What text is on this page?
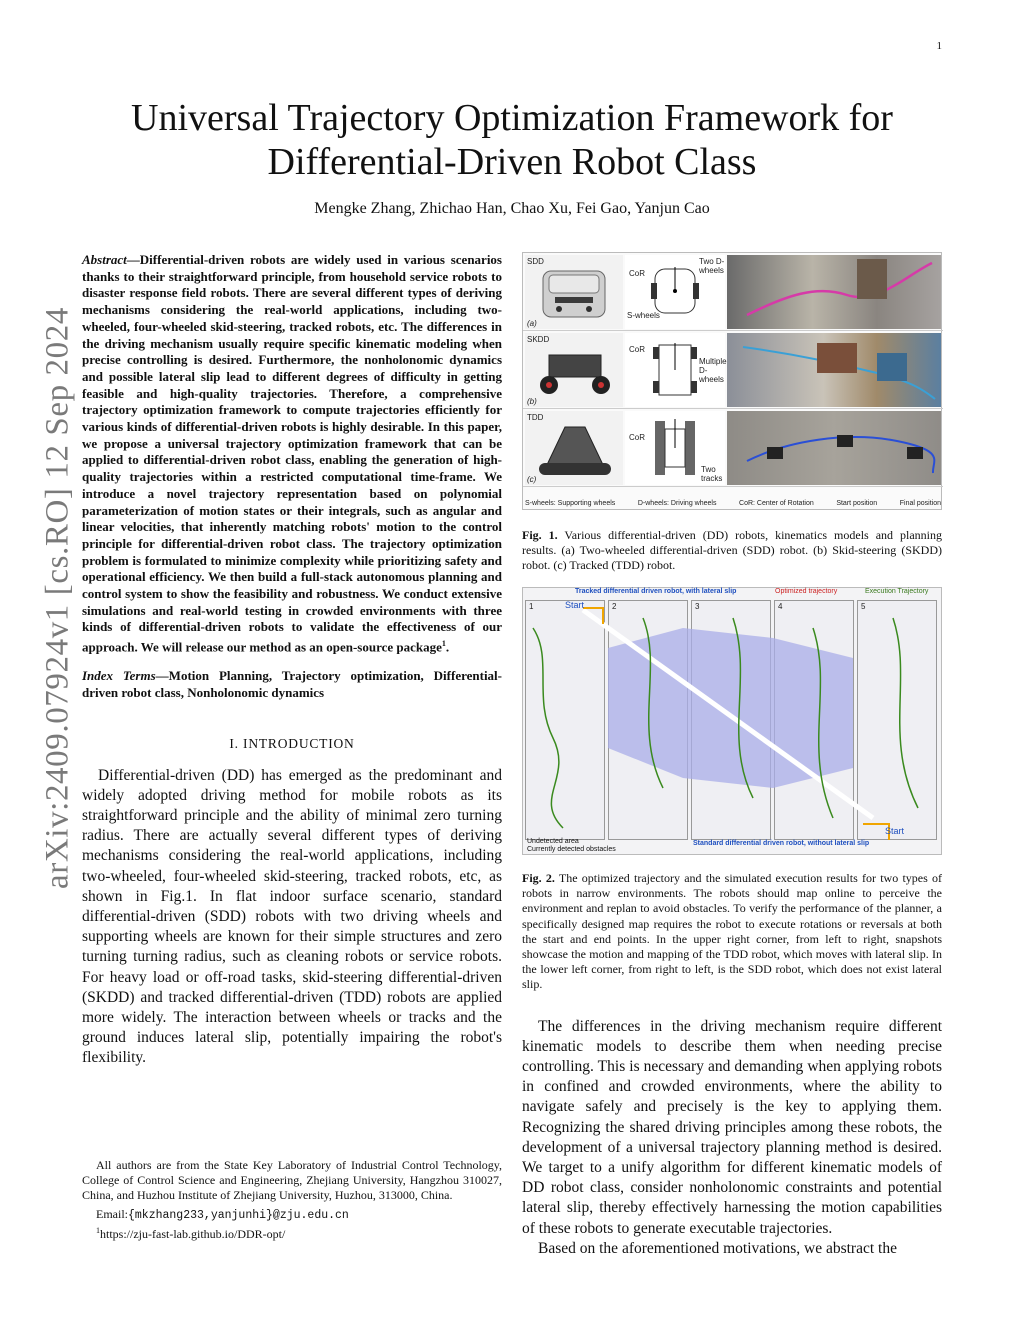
1
arXiv:2409.07924v1 [cs.RO] 12 Sep 2024
Universal Trajectory Optimization Framework for
Differential-Driven Robot Class
Mengke Zhang, Zhichao Han, Chao Xu, Fei Gao, Yanjun Cao

Abstract—Differential-driven robots are widely used in various scenarios thanks to their straightforward principle, from household service robots to disaster response field robots. There are several different types of deriving mechanisms considering the real-world applications, including two-wheeled, four-wheeled skid-steering, tracked robots, etc. The differences in the driving mechanism usually require specific kinematic modeling when precise controlling is desired. Furthermore, the nonholonomic dynamics and possible lateral slip lead to different degrees of difficulty in getting feasible and high-quality trajectories. Therefore, a comprehensive trajectory optimization framework to compute trajectories efficiently for various kinds of differential-driven robots is highly desirable. In this paper, we propose a universal trajectory optimization framework that can be applied to differential-driven robot class, enabling the generation of high-quality trajectories within a restricted computational time-frame. We introduce a novel trajectory representation based on polynomial parameterization of motion states or their integrals, such as angular and linear velocities, that inherently matching robots' motion to the control principle for differential-driven robot class. The trajectory optimization problem is formulated to minimize complexity while prioritizing safety and operational efficiency. We then build a full-stack autonomous planning and control system to show the feasibility and robustness. We conduct extensive simulations and real-world testing in crowded environments with three kinds of differential-driven robots to validate the effectiveness of our approach. We will release our method as an open-source package$^1$.

Index Terms—Motion Planning, Trajectory optimization, Differential-driven robot class, Nonholonomic dynamics

I. INTRODUCTION

Differential-driven (DD) has emerged as the predominant and widely adopted driving method for mobile robots as its straightforward principle and the ability of minimal zero turning radius. There are actually several different types of deriving mechanisms considering the real-world applications, including two-wheeled, four-wheeled skid-steering, tracked robots, etc, as shown in Fig.1. In flat indoor surface scenario, standard differential-driven (SDD) robots with two driving wheels and supporting wheels are known for their simple structures and zero turning turning radius, such as cleaning robots or service robots. For heavy load or off-road tasks, skid-steering differential-driven (SKDD) and tracked differential-driven (TDD) robots are applied more widely. The interaction between wheels or tracks and the ground induces lateral slip, potentially impairing the robot's flexibility.

All authors are from the State Key Laboratory of Industrial Control Technology, College of Control Science and Engineering, Zhejiang University, Hangzhou 310027, China, and Huzhou Institute of Zhejiang University, Huzhou, 313000, China.

Email:{mkzhang233,yanjunhi}@zju.edu.cn

$^1$https://zju-fast-lab.github.io/DDR-opt/

SDD
(a)
CoR
Two D-wheels
S-wheels
SKDD
(b)
CoR
Multiple D-wheels
TDD
(c)
CoR
Two tracks
S-wheels: Supporting wheels	D-wheels: Driving wheels	CoR: Center of Rotation	Start position	Final position

Fig. 1. Various differential-driven (DD) robots, kinematics models and planning results. (a) Two-wheeled differential-driven (SDD) robot. (b) Skid-steering (SKDD) robot. (c) Tracked (TDD) robot.

Tracked differential driven robot, with lateral slip	Optimized trajectory	Execution Trajectory
Start
Start
1	2	3	4	5
Undetected area
Currently detected obstacles
Standard differential driven robot, without lateral slip

Fig. 2. The optimized trajectory and the simulated execution results for two types of robots in narrow environments. The robots should map online to perceive the environment and replan to avoid obstacles. To verify the performance of the planner, a specifically designed map requires the robot to execute rotations or reversals at both the start and end points. In the upper right corner, from left to right, snapshots showcase the motion and mapping of the TDD robot, which moves with lateral slip. In the lower left corner, from right to left, is the SDD robot, which does not exist lateral slip.

The differences in the driving mechanism require different kinematic models to describe them when needing precise controlling. This is necessary and demanding when applying robots in confined and crowded environments, where the ability to navigate safely and precisely is the key to applying them. Recognizing the shared driving principles among these robots, the development of a universal trajectory planning method is desired. We target to a unify algorithm for different kinematic models of DD robot class, consider nonholonomic constraints and potential lateral slip, thereby effectively harnessing the motion capabilities of these robots to generate executable trajectories.

Based on the aforementioned motivations, we abstract the
